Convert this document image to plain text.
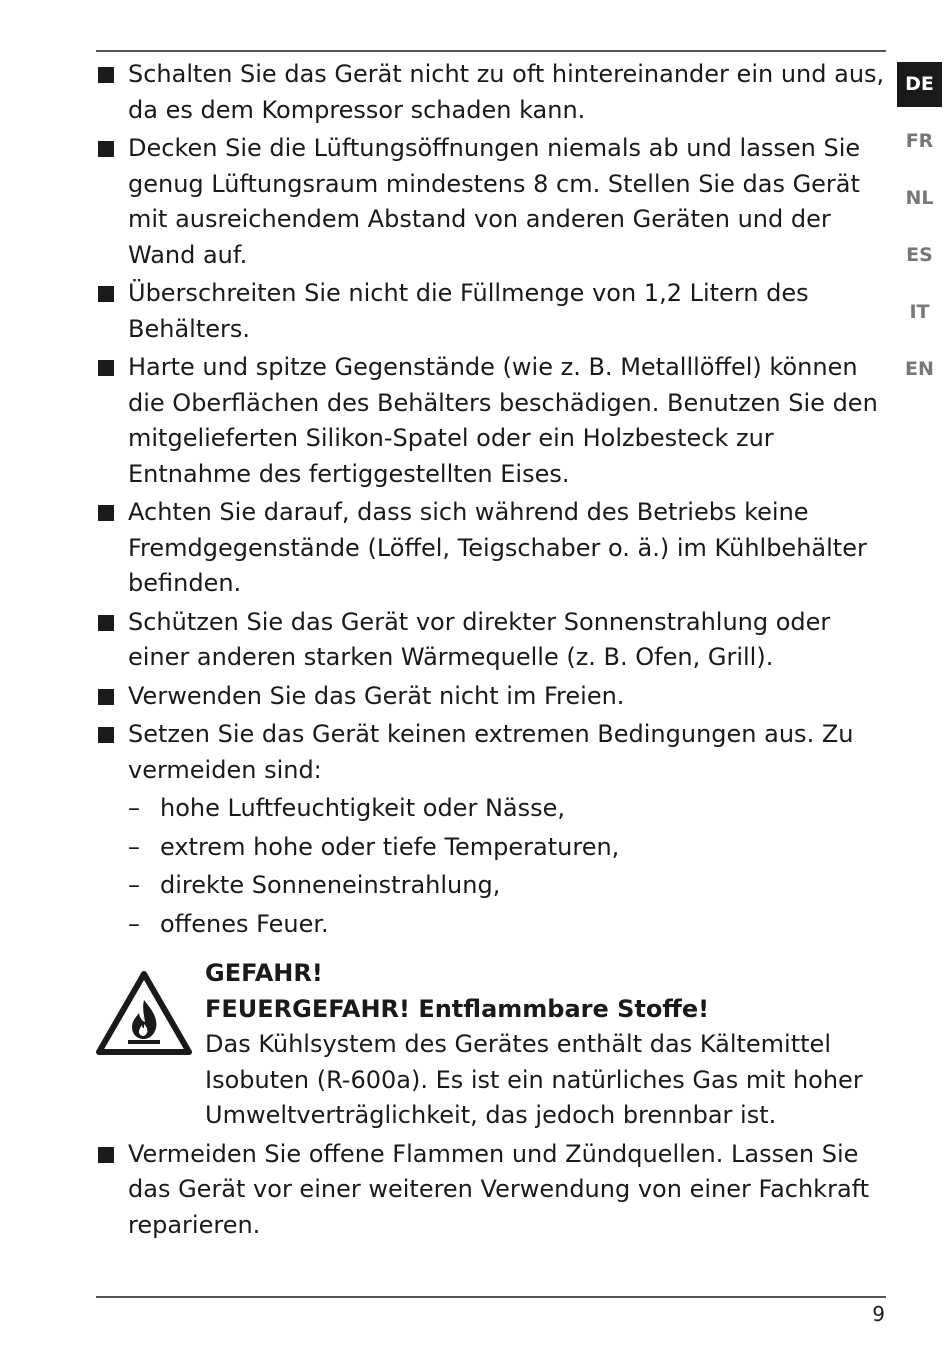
Schalten Sie das Gerät nicht zu oft hintereinander ein und aus, da es dem Kompressor schaden kann.
Decken Sie die Lüftungsöffnungen niemals ab und lassen Sie genug Lüftungsraum mindestens 8 cm. Stellen Sie das Gerät mit ausreichendem Abstand von anderen Geräten und der Wand auf.
Überschreiten Sie nicht die Füllmenge von 1,2 Litern des Behälters.
Harte und spitze Gegenstände (wie z. B. Metalllöffel) können die Oberflächen des Behälters beschädigen. Benutzen Sie den mitgelieferten Silikon-Spatel oder ein Holzbesteck zur Entnahme des fertiggestellten Eises.
Achten Sie darauf, dass sich während des Betriebs keine Fremdgegenstände (Löffel, Teigschaber o. ä.) im Kühlbehälter befinden.
Schützen Sie das Gerät vor direkter Sonnenstrahlung oder einer anderen starken Wärmequelle (z. B. Ofen, Grill).
Verwenden Sie das Gerät nicht im Freien.
Setzen Sie das Gerät keinen extremen Bedingungen aus. Zu vermeiden sind:
– hohe Luftfeuchtigkeit oder Nässe,
– extrem hohe oder tiefe Temperaturen,
– direkte Sonneneinstrahlung,
– offenes Feuer.
GEFAHR!
FEUERGEFAHR! Entflammbare Stoffe!
Das Kühlsystem des Gerätes enthält das Kältemittel Isobuten (R-600a). Es ist ein natürliches Gas mit hoher Umweltverträglichkeit, das jedoch brennbar ist.
Vermeiden Sie offene Flammen und Zündquellen. Lassen Sie das Gerät vor einer weiteren Verwendung von einer Fachkraft reparieren.
DE
FR
NL
ES
IT
EN
9
